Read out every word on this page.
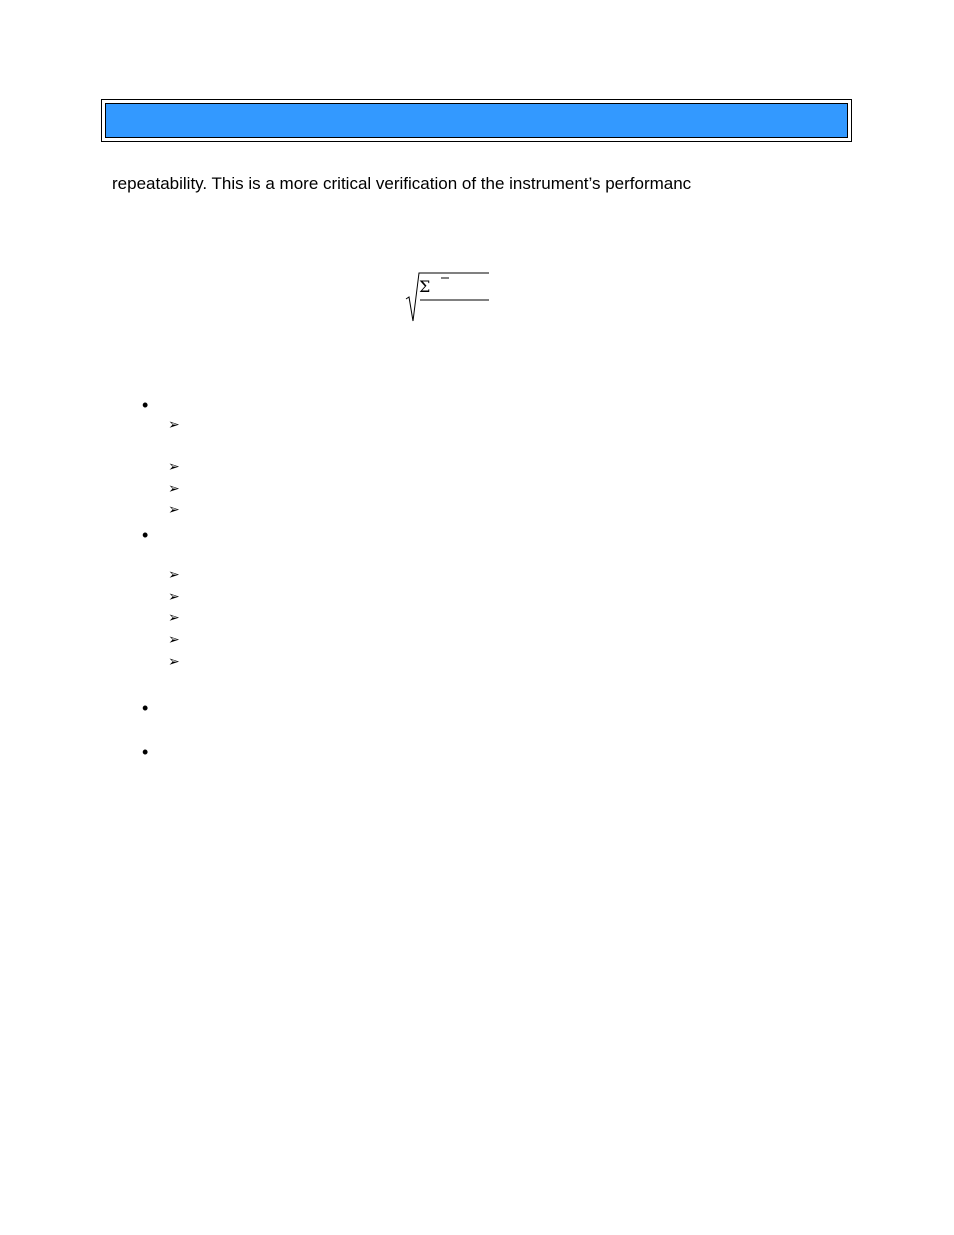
repeatability. This is a more critical verification of the instrument’s performanc
Σ
•
➢
➢
➢
➢
•
➢
➢
➢
➢
➢
•
•
